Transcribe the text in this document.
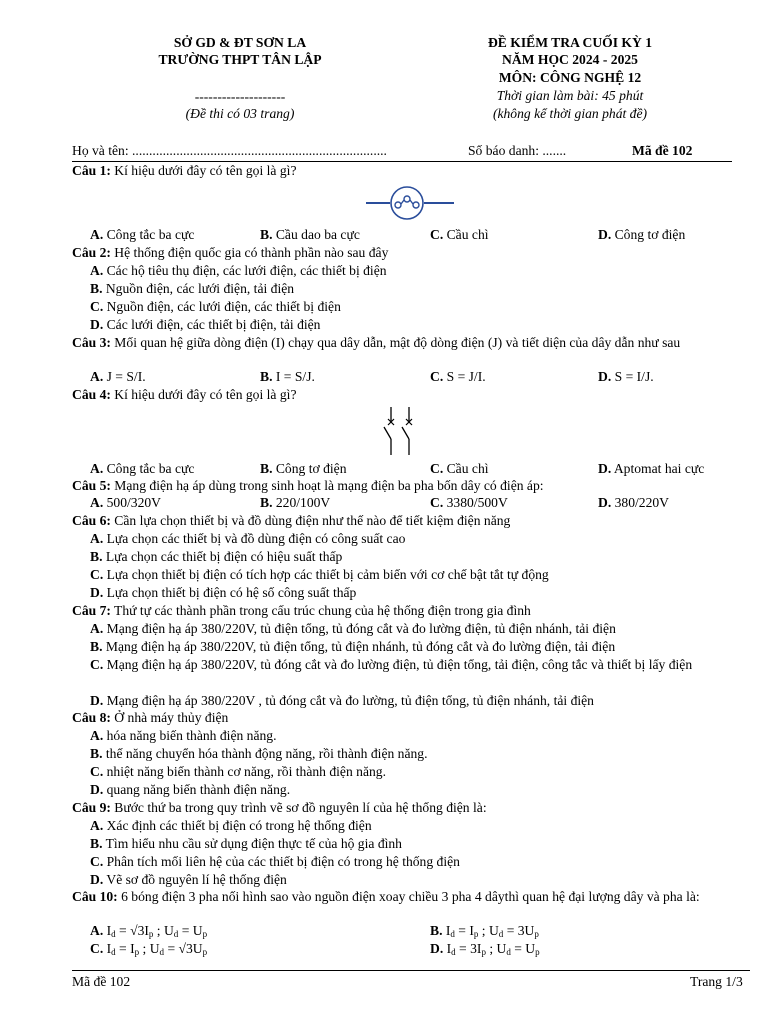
SỞ GD & ĐT SƠN LA
TRƯỜNG THPT TÂN LẬP
--------------------
(Đề thi có 03 trang)
ĐỀ KIỂM TRA CUỐI KỲ 1
NĂM HỌC 2024 - 2025
MÔN: CÔNG NGHỆ 12
Thời gian làm bài: 45 phút
(không kể thời gian phát đề)
Họ và tên: ...........................................................................	Số báo danh: .......	Mã đề 102
Câu 1: Kí hiệu dưới đây có tên gọi là gì?
A. Công tắc ba cực	B. Cầu dao ba cực	C. Cầu chì	D. Công tơ điện
Câu 2: Hệ thống điện quốc gia có thành phần nào sau đây
A. Các hộ tiêu thụ điện, các lưới điện, các thiết bị điện
B. Nguồn điện, các lưới điện, tải điện
C. Nguồn điện, các lưới điện, các thiết bị điện
D. Các lưới điện, các thiết bị điện, tải điện
Câu 3: Mối quan hệ giữa dòng điện (I) chạy qua dây dẫn, mật độ dòng điện (J) và tiết diện của dây dẫn như sau
A. J = S/I.	B. I = S/J.	C. S = J/I.	D. S = I/J.
Câu 4: Kí hiệu dưới đây có tên gọi là gì?
A. Công tắc ba cực	B. Công tơ điện	C. Cầu chì	D. Aptomat hai cực
Câu 5: Mạng điện hạ áp dùng trong sinh hoạt là mạng điện ba pha bốn dây có điện áp:
A. 500/320V	B. 220/100V	C. 3380/500V	D. 380/220V
Câu 6: Cần lựa chọn thiết bị và đồ dùng điện như thế nào để tiết kiệm điện năng
A. Lựa chọn các thiết bị và đồ dùng điện có công suất cao
B. Lựa chọn các thiết bị điện có hiệu suất thấp
C. Lựa chọn thiết bị điện có tích hợp các thiết bị cảm biến với cơ chế bật tắt tự động
D. Lựa chọn thiết bị điện có hệ số công suất thấp
Câu 7: Thứ tự các thành phần trong cấu trúc chung của hệ thống điện trong gia đình
A. Mạng điện hạ áp 380/220V, tủ điện tổng, tủ đóng cắt và đo lường điện, tủ điện nhánh, tải điện
B. Mạng điện hạ áp 380/220V, tủ điện tổng, tủ điện nhánh, tủ đóng cắt và đo lường điện, tải điện
C. Mạng điện hạ áp 380/220V, tủ đóng cắt và đo lường điện, tủ điện tổng, tải điện, công tắc và thiết bị lấy điện
D. Mạng điện hạ áp 380/220V , tủ đóng cắt và đo lường, tủ điện tổng, tủ điện nhánh, tải điện
Câu 8: Ở nhà máy thủy điện
A. hóa năng biến thành điện năng.
B. thế năng chuyển hóa thành động năng, rồi thành điện năng.
C. nhiệt năng biến thành cơ năng, rồi thành điện năng.
D. quang năng biến thành điện năng.
Câu 9: Bước thứ ba trong quy trình vẽ sơ đồ nguyên lí của hệ thống điện là:
A. Xác định các thiết bị điện có trong hệ thống điện
B. Tìm hiểu nhu cầu sử dụng điện thực tế của hộ gia đình
C. Phân tích mối liên hệ của các thiết bị điện có trong hệ thống điện
D. Vẽ sơ đồ nguyên lí hệ thống điện
Câu 10: 6 bóng điện 3 pha nối hình sao vào nguồn điện xoay chiều 3 pha 4 dâythì quan hệ đại lượng dây và pha là:
A. $I_d = √3I_p$ ; $U_d = U_p$	B. $I_d = I_p$ ; $U_d = 3U_p$
C. $I_d = I_p$ ; $U_d = √3U_p$	D. $I_d = 3I_p$ ; $U_d = U_p$
Mã đề 102	Trang 1/3
